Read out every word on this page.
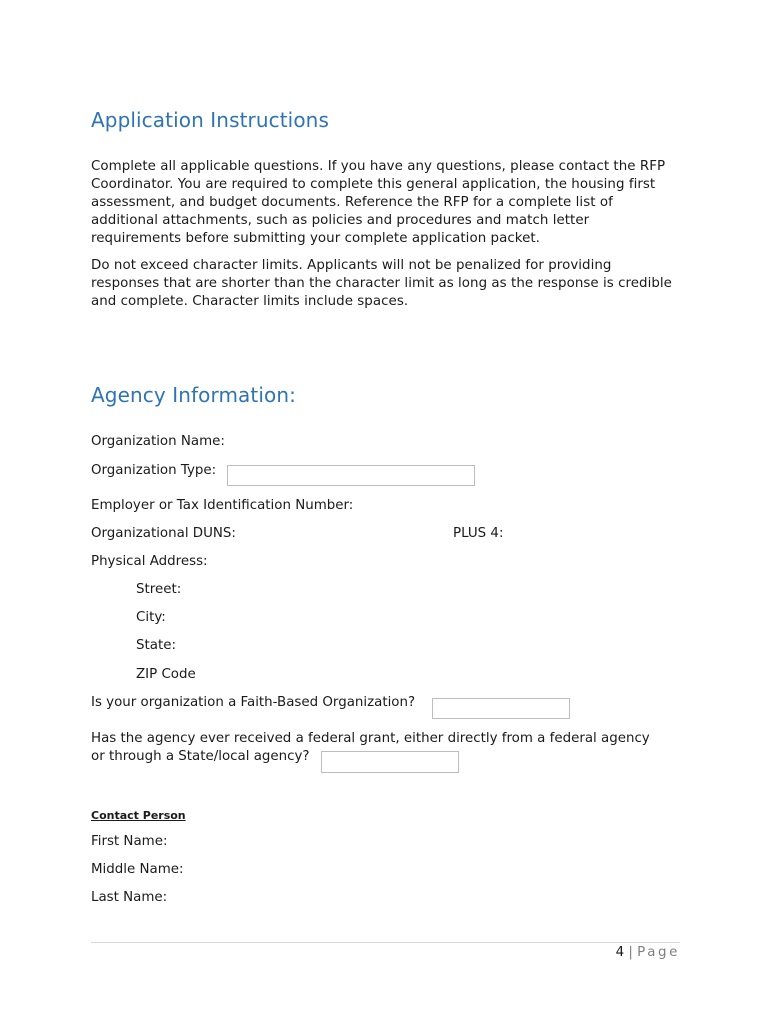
Application Instructions

Complete all applicable questions. If you have any questions, please contact the RFP Coordinator. You are required to complete this general application, the housing first assessment, and budget documents. Reference the RFP for a complete list of additional attachments, such as policies and procedures and match letter requirements before submitting your complete application packet.

Do not exceed character limits. Applicants will not be penalized for providing responses that are shorter than the character limit as long as the response is credible and complete. Character limits include spaces.

Agency Information:
Organization Name:
Organization Type:
Employer or Tax Identification Number:
Organizational DUNS:	PLUS 4:
Physical Address:
Street:
City:
State:
ZIP Code
Is your organization a Faith-Based Organization?
Has the agency ever received a federal grant, either directly from a federal agency
or through a State/local agency?

Contact Person

First Name:
Middle Name:
Last Name:
4 | Page
